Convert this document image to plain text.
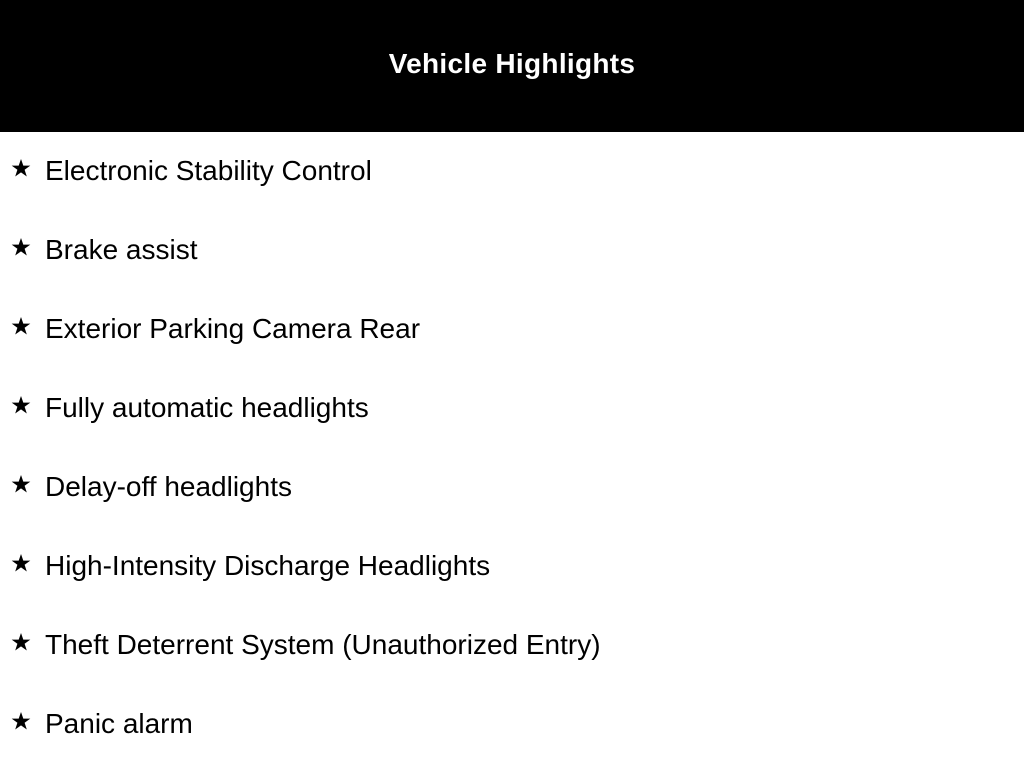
Vehicle Highlights
Electronic Stability Control
Brake assist
Exterior Parking Camera Rear
Fully automatic headlights
Delay-off headlights
High-Intensity Discharge Headlights
Theft Deterrent System (Unauthorized Entry)
Panic alarm
